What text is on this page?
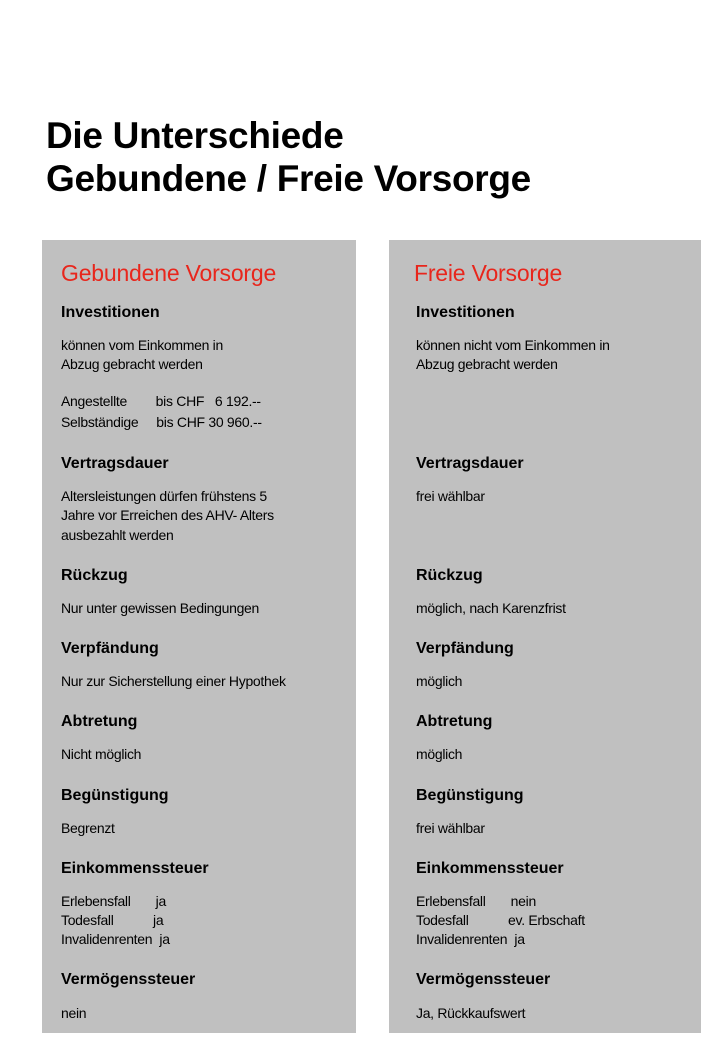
Die Unterschiede
Gebundene / Freie Vorsorge
Gebundene Vorsorge
Investitionen
können vom Einkommen in
Abzug gebracht werden
Angestellte        bis CHF   6 192.--
Selbständige     bis CHF 30 960.--
Vertragsdauer
Altersleistungen dürfen frühstens 5
Jahre vor Erreichen des AHV- Alters
ausbezahlt werden
Rückzug
Nur unter gewissen Bedingungen
Verpfändung
Nur zur Sicherstellung einer Hypothek
Abtretung
Nicht möglich
Begünstigung
Begrenzt
Einkommenssteuer
Erlebensfall       ja
Todesfall           ja
Invalidenrenten  ja
Vermögenssteuer
nein
Freie Vorsorge
Investitionen
können nicht vom Einkommen in
Abzug gebracht werden
Vertragsdauer
frei wählbar
Rückzug
möglich, nach Karenzfrist
Verpfändung
möglich
Abtretung
möglich
Begünstigung
frei wählbar
Einkommenssteuer
Erlebensfall       nein
Todesfall           ev. Erbschaft
Invalidenrenten  ja
Vermögenssteuer
Ja, Rückkaufswert
